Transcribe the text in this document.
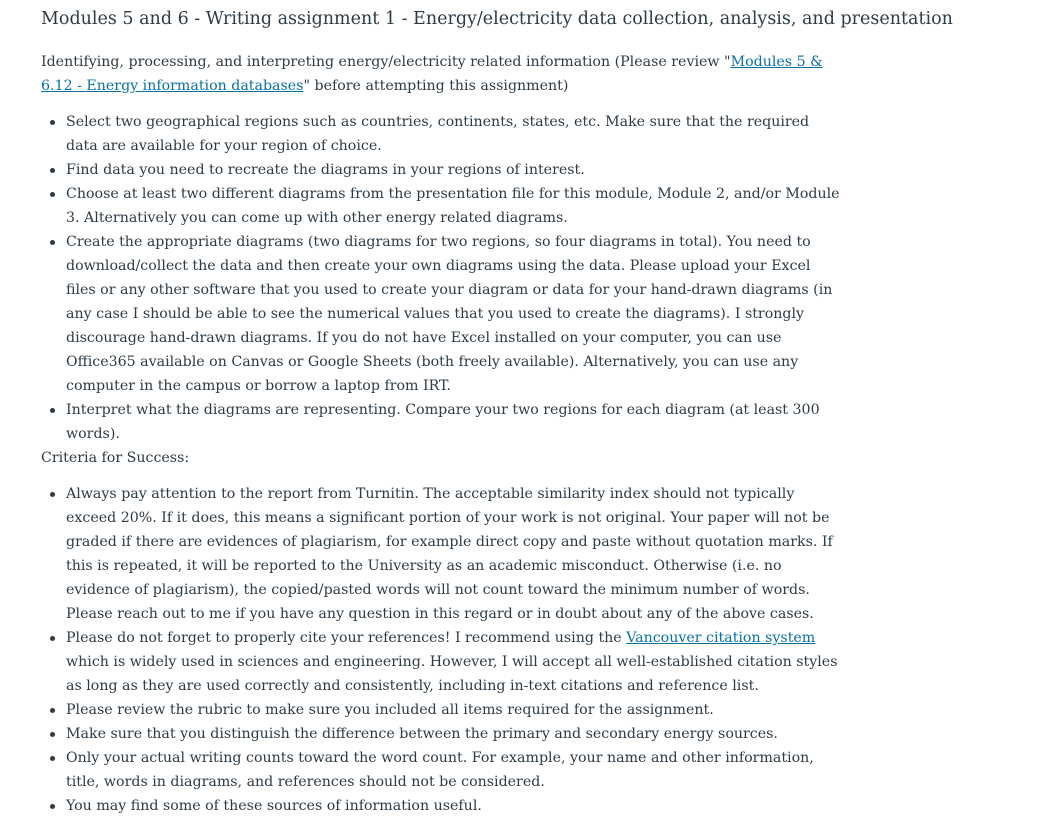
Modules 5 and 6 - Writing assignment 1 - Energy/electricity data collection, analysis, and presentation

Identifying, processing, and interpreting energy/electricity related information (Please review "Modules 5 & 6.12 - Energy information databases" before attempting this assignment)

Select two geographical regions such as countries, continents, states, etc. Make sure that the required data are available for your region of choice.
Find data you need to recreate the diagrams in your regions of interest.
Choose at least two different diagrams from the presentation file for this module, Module 2, and/or Module 3. Alternatively you can come up with other energy related diagrams.
Create the appropriate diagrams (two diagrams for two regions, so four diagrams in total). You need to download/collect the data and then create your own diagrams using the data. Please upload your Excel files or any other software that you used to create your diagram or data for your hand-drawn diagrams (in any case I should be able to see the numerical values that you used to create the diagrams). I strongly discourage hand-drawn diagrams. If you do not have Excel installed on your computer, you can use Office365 available on Canvas or Google Sheets (both freely available). Alternatively, you can use any computer in the campus or borrow a laptop from IRT.
Interpret what the diagrams are representing. Compare your two regions for each diagram (at least 300 words).

Criteria for Success:

Always pay attention to the report from Turnitin. The acceptable similarity index should not typically exceed 20%. If it does, this means a significant portion of your work is not original. Your paper will not be graded if there are evidences of plagiarism, for example direct copy and paste without quotation marks. If this is repeated, it will be reported to the University as an academic misconduct. Otherwise (i.e. no evidence of plagiarism), the copied/pasted words will not count toward the minimum number of words. Please reach out to me if you have any question in this regard or in doubt about any of the above cases.
Please do not forget to properly cite your references! I recommend using the Vancouver citation system which is widely used in sciences and engineering. However, I will accept all well-established citation styles as long as they are used correctly and consistently, including in-text citations and reference list.
Please review the rubric to make sure you included all items required for the assignment.
Make sure that you distinguish the difference between the primary and secondary energy sources.
Only your actual writing counts toward the word count. For example, your name and other information, title, words in diagrams, and references should not be considered.
You may find some of these sources of information useful.
